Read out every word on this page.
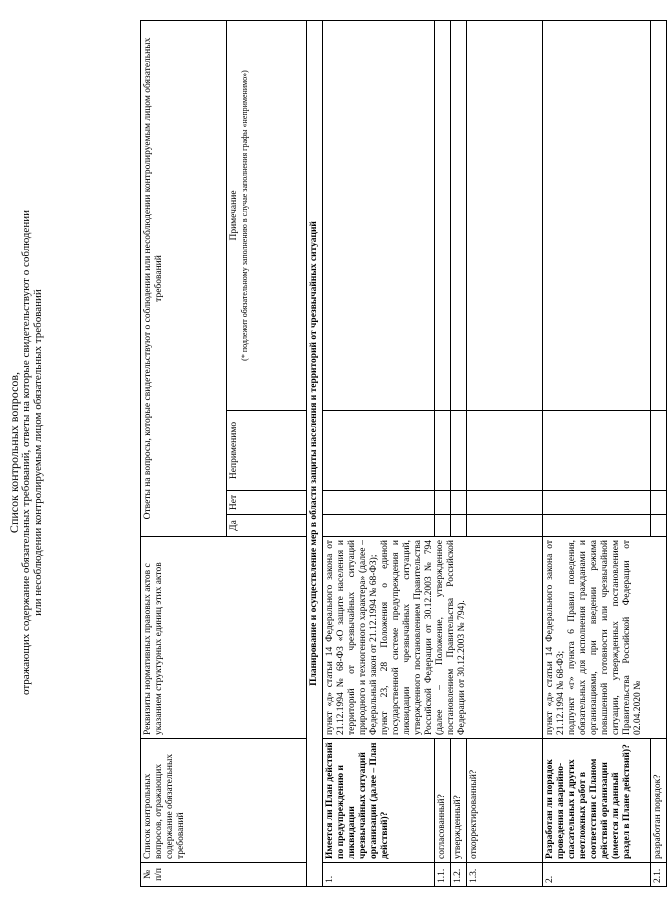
Список контрольных вопросов, отражающих содержание обязательных требований, ответы на которые свидетельствуют о соблюдении или несоблюдении контролируемым лицом обязательных требований
№ п/п	Список контрольных вопросов, отражающих содержание обязательных требований	Реквизиты нормативных правовых актов с указанием структурных единиц этих актов	Ответы на вопросы, которые свидетельствуют о соблюдении или несоблюдении контролируемым лицом обязательных требований			
			Да	Нет	Неприменимо	Примечание (* подлежит обязательному заполнению в случае заполнения графы «неприменимо»)

Планирование и осуществление мер в области защиты населения и территорий от чрезвычайных ситуаций						
1.	Имеется ли План действий по предупреждению и ликвидации чрезвычайных ситуаций организации (далее – План действий)?	пункт «д» статьи 14 Федерального закона от 21.12.1994 № 68-ФЗ «О защите населения и территорий от чрезвычайных ситуаций природного и техногенного характера» (далее – Федеральный закон от 21.12.1994 № 68-ФЗ);
пункт 23, 28 Положения о единой государственной системе предупреждения и ликвидации чрезвычайных ситуаций, утвержденного постановлением Правительства Российской Федерации от 30.12.2003 № 794 (далее – Положение, утвержденное постановлением Правительства Российской Федерации от 30.12.2003 № 794).				
1.1.	согласованный?					
1.2.	утвержденный?					
1.3.	откорректированный?					
2.	Разработан ли порядок проведения аварийно-спасательных и других неотложных работ в соответствии с Планом действий организации (имеется ли данный раздел в Плане действий)?	пункт «д» статьи 14 Федерального закона от 21.12.1994 № 68-ФЗ;
подпункт «г» пункта 6 Правил поведения, обязательных для исполнения гражданами и организациями, при введении режима повышенной готовности или чрезвычайной ситуации, утвержденных постановлением Правительства Российской Федерации от 02.04.2020 №				
2.1.	разработан порядок?					
